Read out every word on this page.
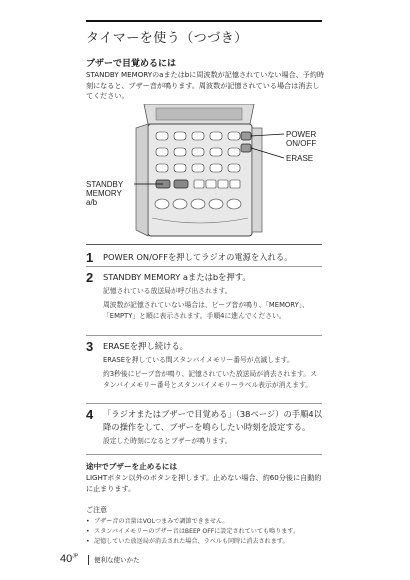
タイマーを使う（つづき）
ブザーで目覚めるには
STANDBY MEMORYのaまたはbに周波数が記憶されていない場合、予約時刻になると、ブザー音が鳴ります。周波数が記憶されている場合は消去してください。
POWER
ON/OFF
ERASE
STANDBY
MEMORY
a/b
1 POWER ON/OFFを押してラジオの電源を入れる。
2 STANDBY MEMORY aまたはbを押す。
記憶されている放送局が呼び出されます。
周波数が記憶されていない場合は、ピーブ音が鳴り、「MEMORY」、「EMPTY」と順に表示されます。手順4に進んでください。
3 ERASEを押し続ける。
ERASEを押している間スタンバイメモリー番号が点滅します。
約3秒後にピーブ音が鳴り、記憶されていた放送局が消去されます。スタンバイメモリー番号とスタンバイメモリーラベル表示が消えます。
4 「ラジオまたはブザーで目覚める」（38ページ）の手順4以降の操作をして、ブザーを鳴らしたい時刻を設定する。
設定した時刻になるとブザーが鳴ります。
途中でブザーを止めるには
LIGHTボタン以外のボタンを押します。止めない場合、約60分後に自動的に止まります。
ご注意
• ブザー音の音量はVOLつまみで調節できません。
• スタンバイメモリーのブザー音はBEEP OFFに設定されていても鳴ります。
• 記憶していた放送局が消去された場合、ラベルも同時に消去されます。
$40^{JP}$ 便利な使いかた
